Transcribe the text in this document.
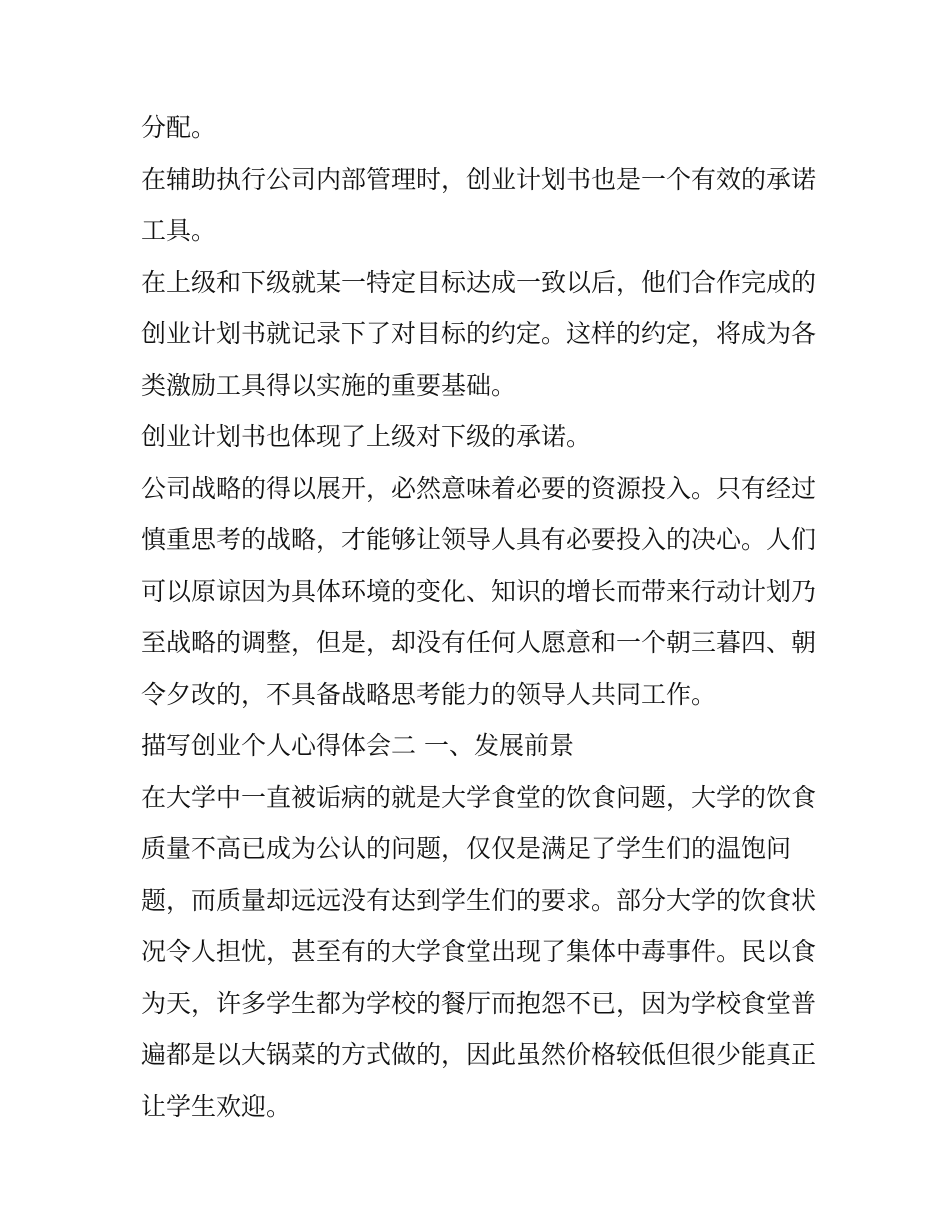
分配。
在辅助执行公司内部管理时，创业计划书也是一个有效的承诺
工具。
在上级和下级就某一特定目标达成一致以后，他们合作完成的
创业计划书就记录下了对目标的约定。这样的约定，将成为各
类激励工具得以实施的重要基础。
创业计划书也体现了上级对下级的承诺。
公司战略的得以展开，必然意味着必要的资源投入。只有经过
慎重思考的战略，才能够让领导人具有必要投入的决心。人们
可以原谅因为具体环境的变化、知识的增长而带来行动计划乃
至战略的调整，但是，却没有任何人愿意和一个朝三暮四、朝
令夕改的，不具备战略思考能力的领导人共同工作。
描写创业个人心得体会二 一、发展前景
在大学中一直被诟病的就是大学食堂的饮食问题，大学的饮食
质量不高已成为公认的问题，仅仅是满足了学生们的温饱问
题，而质量却远远没有达到学生们的要求。部分大学的饮食状
况令人担忧，甚至有的大学食堂出现了集体中毒事件。民以食
为天，许多学生都为学校的餐厅而抱怨不已，因为学校食堂普
遍都是以大锅菜的方式做的，因此虽然价格较低但很少能真正
让学生欢迎。
